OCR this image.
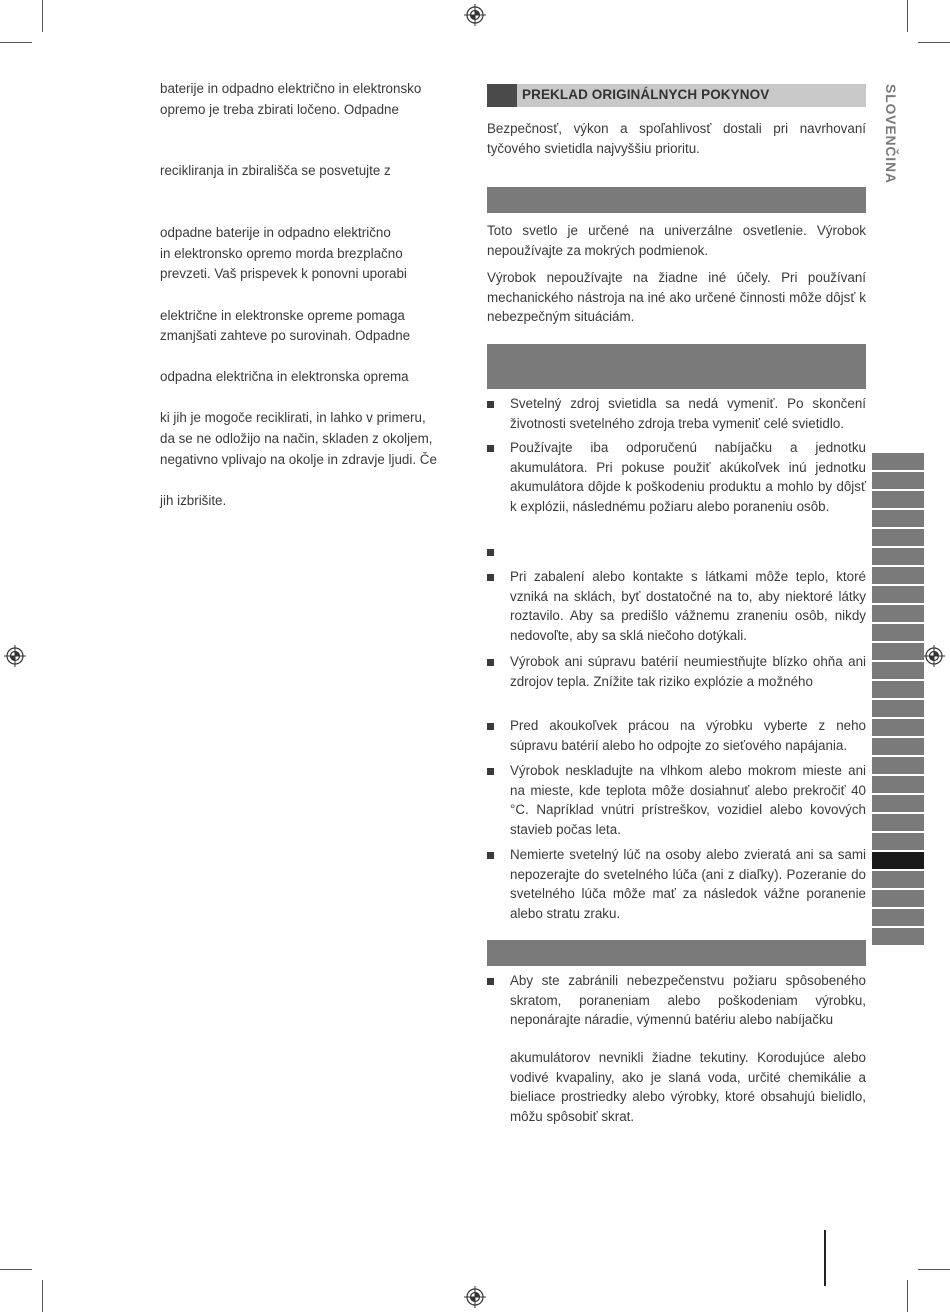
baterije in odpadno električno in elektronsko
opremo je treba zbirati ločeno. Odpadne
recikliranja in zbirališča se posvetujte z
odpadne baterije in odpadno električno
in elektronsko opremo morda brezplačno
prevzeti. Vaš prispevek k ponovni uporabi
električne in elektronske opreme pomaga
zmanjšati zahteve po surovinah. Odpadne
odpadna električna in elektronska oprema
ki jih je mogoče reciklirati, in lahko v primeru,
da se ne odložijo na način, skladen z okoljem,
negativno vplivajo na okolje in zdravje ljudi. Če
jih izbrišite.
PREKLAD ORIGINÁLNYCH POKYNOV
Bezpečnosť, výkon a spoľahlivosť dostali pri navrhovaní tyčového svietidla najvyššiu prioritu.
Toto svetlo je určené na univerzálne osvetlenie. Výrobok nepoužívajte za mokrých podmienok.
Výrobok nepoužívajte na žiadne iné účely. Pri používaní mechanického nástroja na iné ako určené činnosti môže dôjsť k nebezpečným situáciám.
Svetelný zdroj svietidla sa nedá vymeniť. Po skončení životnosti svetelného zdroja treba vymeniť celé svietidlo.
Používajte iba odporučenú nabíjačku a jednotku akumulátora. Pri pokuse použiť akúkoľvek inú jednotku akumulátora dôjde k poškodeniu produktu a mohlo by dôjsť k explózii, následnému požiaru alebo poraneniu osôb.
Pri zabalení alebo kontakte s látkami môže teplo, ktoré vzniká na sklách, byť dostatočné na to, aby niektoré látky roztavilo. Aby sa predišlo vážnemu zraneniu osôb, nikdy nedovoľte, aby sa sklá niečoho dotýkali.
Výrobok ani súpravu batérií neumiestňujte blízko ohňa ani zdrojov tepla. Znížite tak riziko explózie a možného
Pred akoukoľvek prácou na výrobku vyberte z neho súpravu batérií alebo ho odpojte zo sieťového napájania.
Výrobok neskladujte na vlhkom alebo mokrom mieste ani na mieste, kde teplota môže dosiahnuť alebo prekročiť 40 °C. Napríklad vnútri prístreškov, vozidiel alebo kovových stavieb počas leta.
Nemierte svetelný lúč na osoby alebo zvieratá ani sa sami nepozerajte do svetelného lúča (ani z diaľky). Pozeranie do svetelného lúča môže mať za následok vážne poranenie alebo stratu zraku.
Aby ste zabránili nebezpečenstvu požiaru spôsobeného skratom, poraneniam alebo poškodeniam výrobku, neponárajte náradie, výmennú batériu alebo nabíjačku
akumulátorov nevnikli žiadne tekutiny. Korodujúce alebo vodivé kvapaliny, ako je slaná voda, určité chemikálie a bieliace prostriedky alebo výrobky, ktoré obsahujú bielidlo, môžu spôsobiť skrat.
SLOVENČINA
